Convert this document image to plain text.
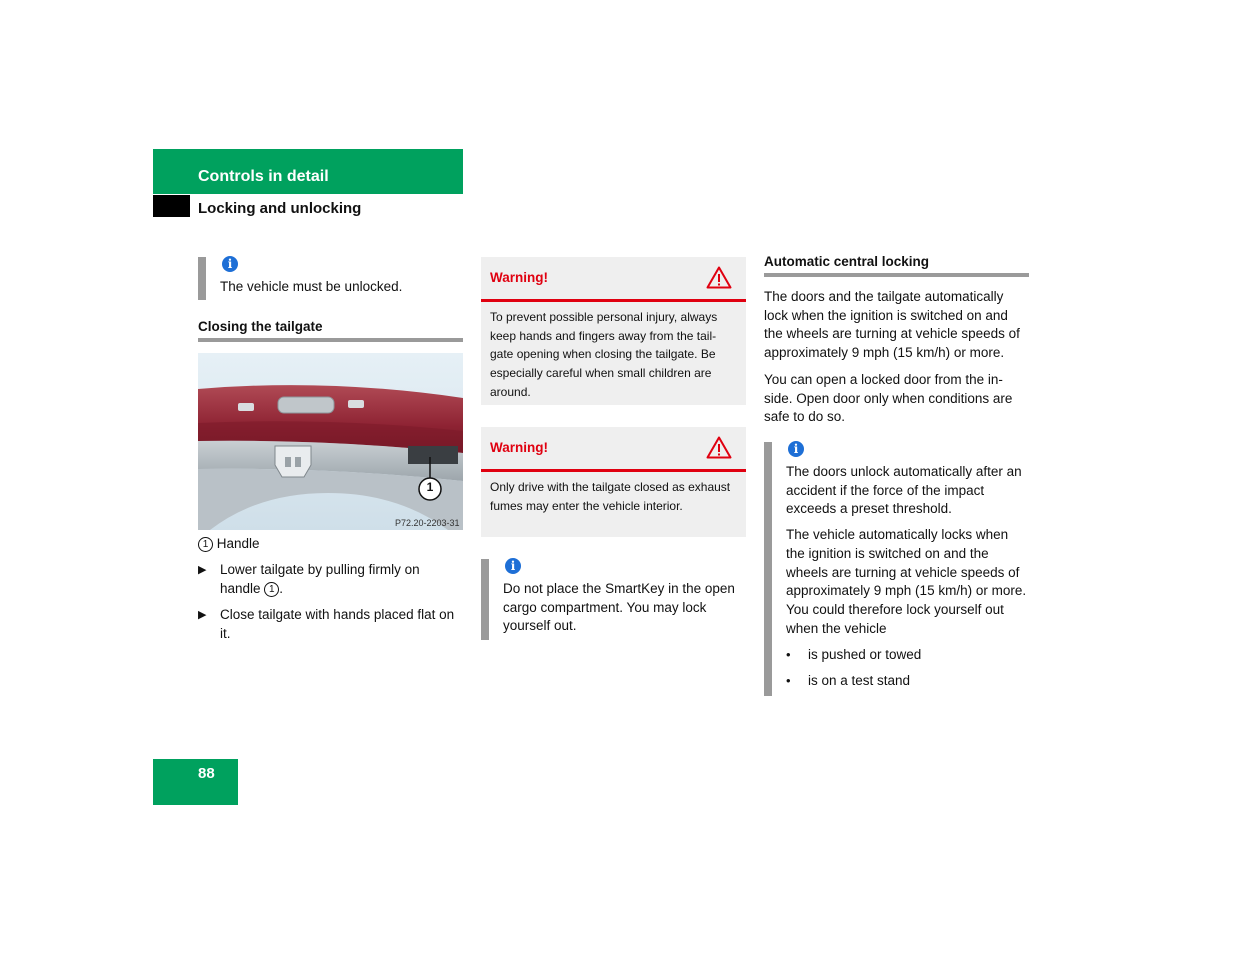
Controls in detail
Locking and unlocking
i
The vehicle must be unlocked.
Closing the tailgate
1
P72.20-2203-31
1 Handle
▶	Lower tailgate by pulling firmly on handle 1 .
▶	Close tailgate with hands placed flat on it.
Warning!
To prevent possible personal injury, always keep hands and fingers away from the tail-gate opening when closing the tailgate. Be especially careful when small children are around.
Warning!
Only drive with the tailgate closed as exhaust fumes may enter the vehicle interior.
i
Do not place the SmartKey in the open cargo compartment. You may lock yourself out.
Automatic central locking
The doors and the tailgate automatically lock when the ignition is switched on and the wheels are turning at vehicle speeds of approximately 9 mph (15 km/h) or more.
You can open a locked door from the in-side. Open door only when conditions are safe to do so.
i
The doors unlock automatically after an accident if the force of the impact exceeds a preset threshold.
The vehicle automatically locks when the ignition is switched on and the wheels are turning at vehicle speeds of approximately 9 mph (15 km/h) or more. You could therefore lock yourself out when the vehicle
•	is pushed or towed
•	is on a test stand
88
